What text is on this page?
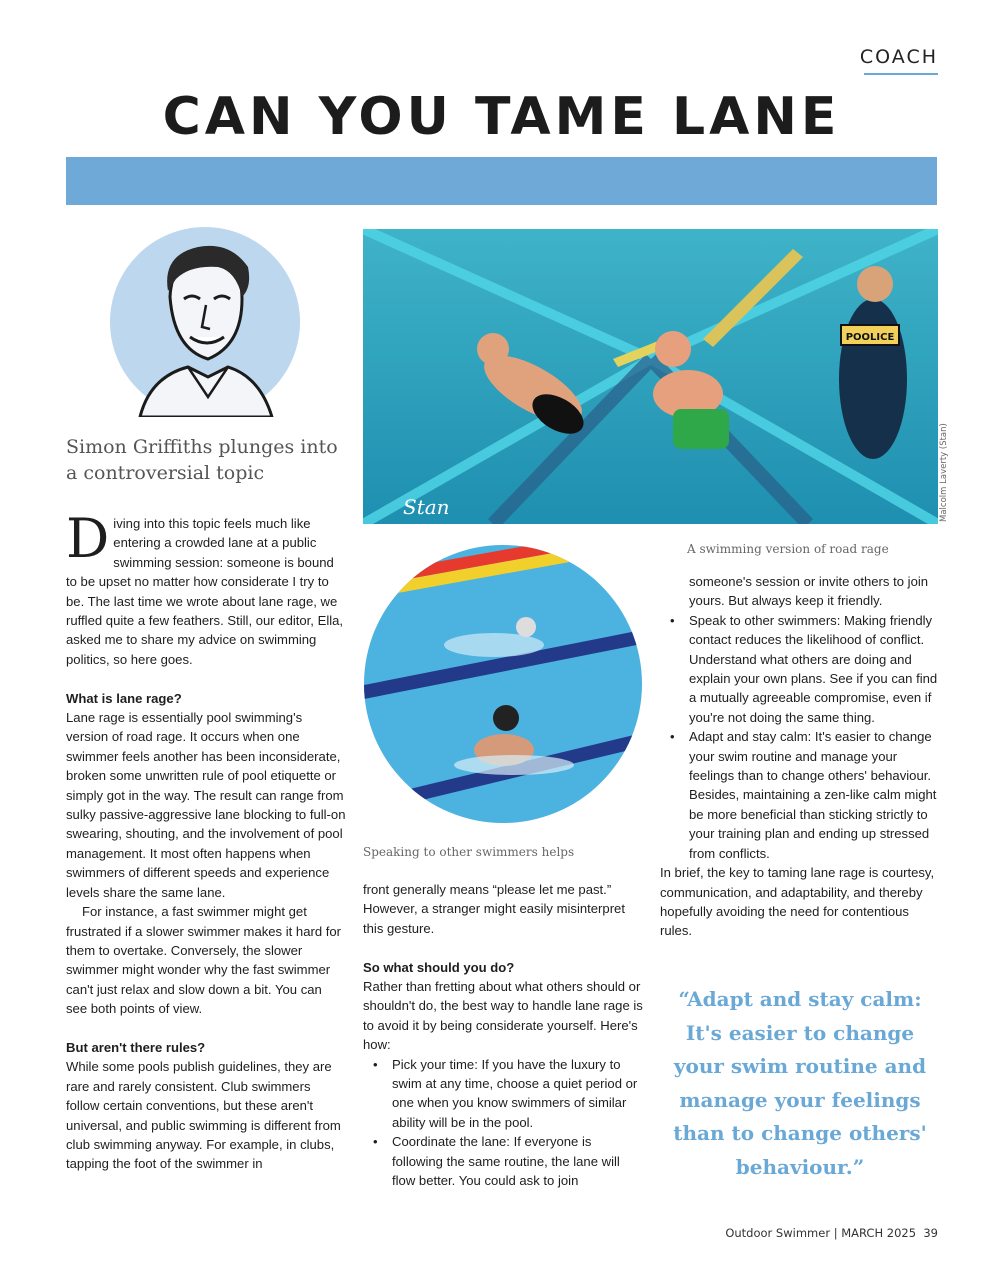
COACH
CAN YOU TAME LANE
Simon Griffiths plunges into a controversial topic
POOLICE
Stan	Malcolm Laverty (Stan)
A swimming version of road rage
Speaking to other swimmers helps

Diving into this topic feels much like entering a crowded lane at a public swimming session: someone is bound to be upset no matter how considerate I try to be. The last time we wrote about lane rage, we ruffled quite a few feathers. Still, our editor, Ella, asked me to share my advice on swimming politics, so here goes.

What is lane rage?

Lane rage is essentially pool swimming's version of road rage. It occurs when one swimmer feels another has been inconsiderate, broken some unwritten rule of pool etiquette or simply got in the way. The result can range from sulky passive-aggressive lane blocking to full-on swearing, shouting, and the involvement of pool management. It most often happens when swimmers of different speeds and experience levels share the same lane.

For instance, a fast swimmer might get frustrated if a slower swimmer makes it hard for them to overtake. Conversely, the slower swimmer might wonder why the fast swimmer can't just relax and slow down a bit. You can see both points of view.

But aren't there rules?

While some pools publish guidelines, they are rare and rarely consistent. Club swimmers follow certain conventions, but these aren't universal, and public swimming is different from club swimming anyway. For example, in clubs, tapping the foot of the swimmer in

front generally means “please let me past.” However, a stranger might easily misinterpret this gesture.

So what should you do?

Rather than fretting about what others should or shouldn't do, the best way to handle lane rage is to avoid it by being considerate yourself. Here's how:

• Pick your time: If you have the luxury to swim at any time, choose a quiet period or one when you know swimmers of similar ability will be in the pool.
• Coordinate the lane: If everyone is following the same routine, the lane will flow better. You could ask to join

someone's session or invite others to join yours. But always keep it friendly.

• Speak to other swimmers: Making friendly contact reduces the likelihood of conflict. Understand what others are doing and explain your own plans. See if you can find a mutually agreeable compromise, even if you're not doing the same thing.
• Adapt and stay calm: It's easier to change your swim routine and manage your feelings than to change others' behaviour. Besides, maintaining a zen-like calm might be more beneficial than sticking strictly to your training plan and ending up stressed from conflicts.

In brief, the key to taming lane rage is courtesy, communication, and adaptability, and thereby hopefully avoiding the need for contentious rules.

“Adapt and stay calm: It's easier to change your swim routine and manage your feelings than to change others' behaviour.”
Outdoor Swimmer | MARCH 2025 39
